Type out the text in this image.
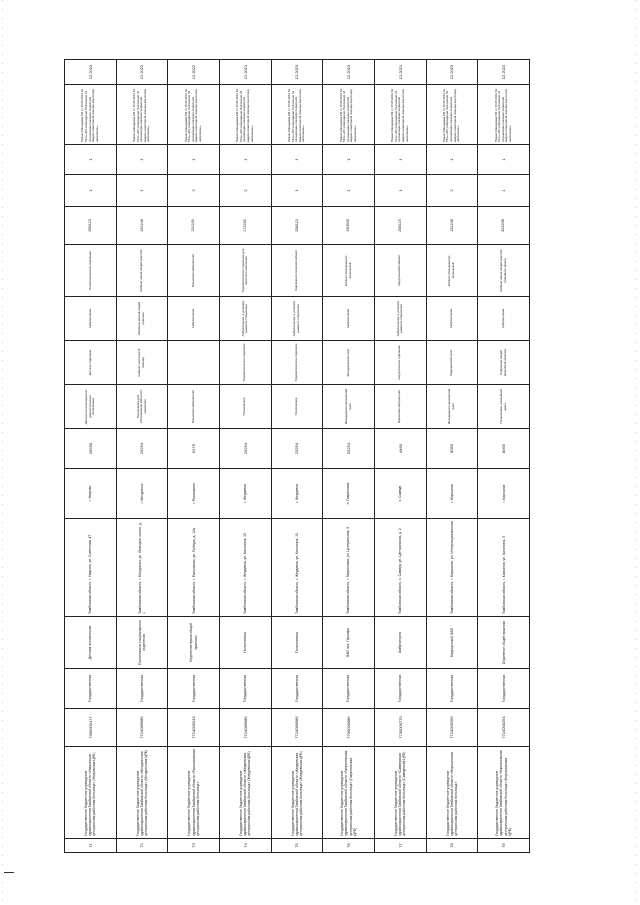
71	Государственное бюджетное учреждение здравоохранения Тамбовской области «Уваровская центральная районная больница» (Уваровская ЦРБ)	7306000177	Государственная	Детская поликлиника	Тамбовская область, г. Уварово, ул. Советская, 47	г. Уварово	25556	Детская консультационно-диагностическая поликлиника	Детское отделение	Амбулаторная	Поликлиническое отделение	258115	1	1	Приказ Минздрава РФ от 15.05.2012 № 543н «Об утверждении Положения об организации оказания первичной медико-санитарной помощи взрослому населению»	12.2023
72	Государственное бюджетное учреждение здравоохранения Тамбовской области «Мичуринская центральная районная больница» (Мичуринская ЦРБ)	7714086586	Государственная	Поликлиника стационарного отделения	Тамбовская область, г. Мичуринск, ул. Липецкое шоссе, д. 1	г. Мичуринск	23254	Поликлиника для обслуживания взрослого населения	Кабинет неотложной помощи	Кабинеты врачей общей практики	Кабинет врача общей практики	161108	1	1	Приказ Минздрава РФ от 15.05.2012 № 543н «Об утверждении Положения об организации оказания первичной медико-санитарной помощи взрослому населению»	12.2022
73	Государственное бюджетное учреждение здравоохранения Тамбовской области «Рассказовская центральная районная больница»	7714000243	Государственная	Отделение врача общей практики	Тамбовская область, г. Рассказово, ул. Победы, д. 12а	г. Рассказово	9176	Врачебная амбулатория		Амбулаторная	Врачебная амбулатория	151100	2	1	Приказ Минздрава РФ от 15.05.2012 № 543н «Об утверждении Положения об организации оказания первичной медико-санитарной помощи взрослому населению»	12.2022
74	Государственное бюджетное учреждение здравоохранения Тамбовской области «Жердевская центральная районная больница» (Жердевская ЦРБ)	7714086586	Государственная	Поликлиника	Тамбовская область, г. Жердевка, ул. Калинина, 15	г. Жердевка	23254	Поликлиника	Терапевтическое отделение	Амбулаторная, в условиях дневного стационара	Терапевтическое отделение для взрослого населения	172492	2	1	Приказ Минздрава РФ от 15.05.2012 № 543н «Об утверждении Положения об организации оказания первичной медико-санитарной помощи взрослому населению»	12.2021
75	Государственное бюджетное учреждение здравоохранения Тамбовской области «Жердевская центральная районная больница» (Жердевская ЦРБ)	7714086586	Государственная	Поликлиника	Тамбовская область, г. Жердевка, ул. Калинина, 15	г. Жердевка	23254	Поликлиника	Терапевтическое отделение	Амбулаторная, в условиях дневного стационара	Эндокринологический кабинет	258115	1	1	Приказ Минздрава РФ от 15.05.2012 № 543н «Об утверждении Положения об организации оказания первичной медико-санитарной помощи взрослому населению»	12.2023
76	Государственное бюджетное учреждение здравоохранения Тамбовской области «Гавриловская центральная районная больница» (Гавриловская ЦРБ)	7730000086	Государственная	ФАП пос. Пушкарь	Тамбовская область, г. Гавриловка, ул. Центральная, 5	с. Гавриловка	25254	Фельдшерско-акушерский пункт	Фельдшерский пункт	Амбулаторная	Кабинет фельдшерско-акушерский	150500	1	1	Приказ Минздрава РФ от 15.05.2012 № 543н «Об утверждении Положения об организации оказания первичной медико-санитарной помощи взрослому населению»	12.2023
77	Государственное бюджетное учреждение здравоохранения Тамбовской области «Сампурская центральная районная больница» (Сампурская ЦРБ)	7730000770	Государственная	Амбулатория	Тамбовская область, с. Сампур, ул. Центральная, д. 2	с. Сампур	4460	Врачебная амбулатория	Хирургическое отделение	Амбулаторная, в условиях дневного стационара	Хирургический кабинет	258115	1	1	Приказ Минздрава РФ от 15.05.2012 № 543н «Об утверждении Положения об организации оказания первичной медико-санитарной помощи взрослому населению»	12.2021
78	Государственное бюджетное учреждение здравоохранения Тамбовской области «Моршанская центральная районная больница»	7714000256	Государственная	Медицинский ФАП	Тамбовская область, г. Моршанск, ул. Интернациональная	г. Моршанск	8050	Фельдшерско-акушерский пункт	Медицинский пункт	Амбулаторная	Кабинет фельдшерско-акушерский	151108	2	1	Приказ Минздрава РФ от 15.05.2012 № 543н «Об утверждении Положения об организации оказания первичной медико-санитарной помощи взрослому населению»	12.2023
79	Государственное бюджетное учреждение здравоохранения Тамбовской области «Кирсановская центральная районная больница» (Кирсановская ЦРБ)	7714000254	Государственная	Отделение общей практики	Тамбовская область, г. Кирсанов, ул. Калинина, 5	г. Кирсанов	8095	Поликлиника «Семейный врач»	Отделение общей врачебной практики	Амбулаторная	Кабинет врача общей практики (семейного врача)	324205	1	1	Приказ Минздрава РФ от 15.05.2012 № 543н «Об утверждении Положения об организации оказания первичной медико-санитарной помощи взрослому населению»	12.2022
